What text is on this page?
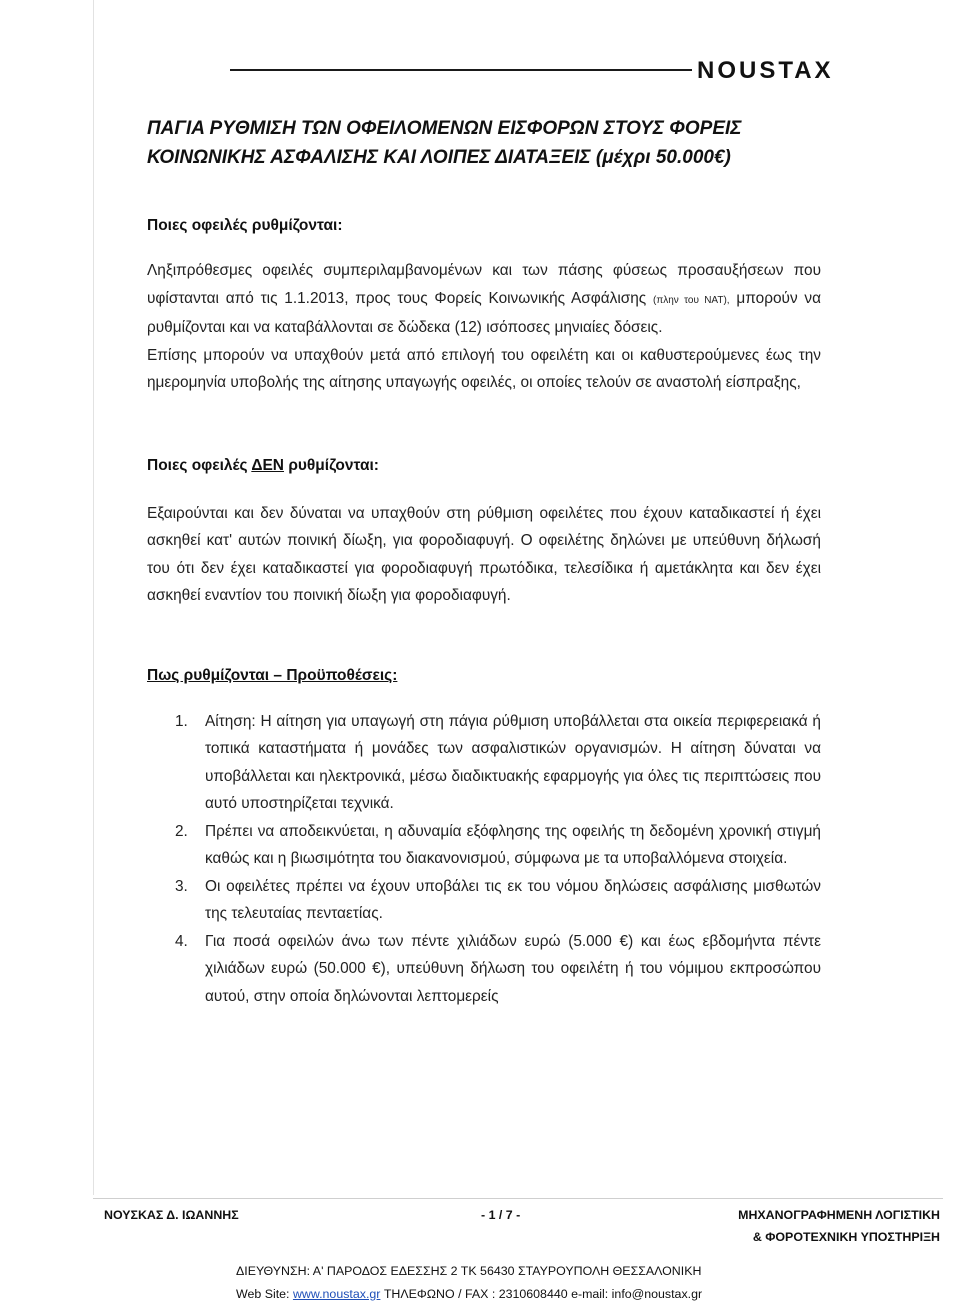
NOUSTAX
ΠΑΓΙΑ ΡΥΘΜΙΣΗ ΤΩΝ ΟΦΕΙΛΟΜΕΝΩΝ ΕΙΣΦΟΡΩΝ ΣΤΟΥΣ ΦΟΡΕΙΣ
ΚΟΙΝΩΝΙΚΗΣ ΑΣΦΑΛΙΣΗΣ ΚΑΙ ΛΟΙΠΕΣ ΔΙΑΤΑΞΕΙΣ (μέχρι 50.000€)

Ποιες οφειλές ρυθμίζονται:

Ληξιπρόθεσμες οφειλές συμπεριλαμβανομένων και των πάσης φύσεως προσαυξήσεων που υφίστανται από τις 1.1.2013, προς τους Φορείς Κοινωνικής Ασφάλισης (πλην του ΝΑΤ), μπορούν να ρυθμίζονται και να καταβάλλονται σε δώδεκα (12) ισόποσες μηνιαίες δόσεις.

Επίσης μπορούν να υπαχθούν μετά από επιλογή του οφειλέτη και οι καθυστερούμενες έως την ημερομηνία υποβολής της αίτησης υπαγωγής οφειλές, οι οποίες τελούν σε αναστολή είσπραξης,

Ποιες οφειλές ΔΕΝ ρυθμίζονται:

Εξαιρούνται και δεν δύναται να υπαχθούν στη ρύθμιση οφειλέτες που έχουν καταδικαστεί ή έχει ασκηθεί κατ' αυτών ποινική δίωξη, για φοροδιαφυγή. Ο οφειλέτης δηλώνει με υπεύθυνη δήλωσή του ότι δεν έχει καταδικαστεί για φοροδιαφυγή πρωτόδικα, τελεσίδικα ή αμετάκλητα και δεν έχει ασκηθεί εναντίον του ποινική δίωξη για φοροδιαφυγή.

Πως ρυθμίζονται – Προϋποθέσεις:

1. Αίτηση: Η αίτηση για υπαγωγή στη πάγια ρύθμιση υποβάλλεται στα οικεία περιφερειακά ή τοπικά καταστήματα ή μονάδες των ασφαλιστικών οργανισμών. Η αίτηση δύναται να υποβάλλεται και ηλεκτρονικά, μέσω διαδικτυακής εφαρμογής για όλες τις περιπτώσεις που αυτό υποστηρίζεται τεχνικά.
2. Πρέπει να αποδεικνύεται, η αδυναμία εξόφλησης της οφειλής τη δεδομένη χρονική στιγμή καθώς και η βιωσιμότητα του διακανονισμού, σύμφωνα με τα υποβαλλόμενα στοιχεία.
3. Οι οφειλέτες πρέπει να έχουν υποβάλει τις εκ του νόμου δηλώσεις ασφάλισης μισθωτών της τελευταίας πενταετίας.
4. Για ποσά οφειλών άνω των πέντε χιλιάδων ευρώ (5.000 €) και έως εβδομήντα πέντε χιλιάδων ευρώ (50.000 €), υπεύθυνη δήλωση του οφειλέτη ή του νόμιμου εκπροσώπου αυτού, στην οποία δηλώνονται λεπτομερείς
ΝΟΥΣΚΑΣ Δ. ΙΩΑΝΝΗΣ	- 1 / 7 -	ΜΗΧΑΝΟΓΡΑΦΗΜΕΝΗ ΛΟΓΙΣΤΙΚΗ
& ΦΟΡΟΤΕΧΝΙΚΗ ΥΠΟΣΤΗΡΙΞΗ
ΔΙΕΥΘΥΝΣΗ: Α' ΠΑΡΟΔΟΣ ΕΔΕΣΣΗΣ 2 ΤΚ 56430 ΣΤΑΥΡΟΥΠΟΛΗ ΘΕΣΣΑΛΟΝΙΚΗ
Web Site: www.noustax.gr ΤΗΛΕΦΩΝΟ / FAX : 2310608440 e-mail: info@noustax.gr
